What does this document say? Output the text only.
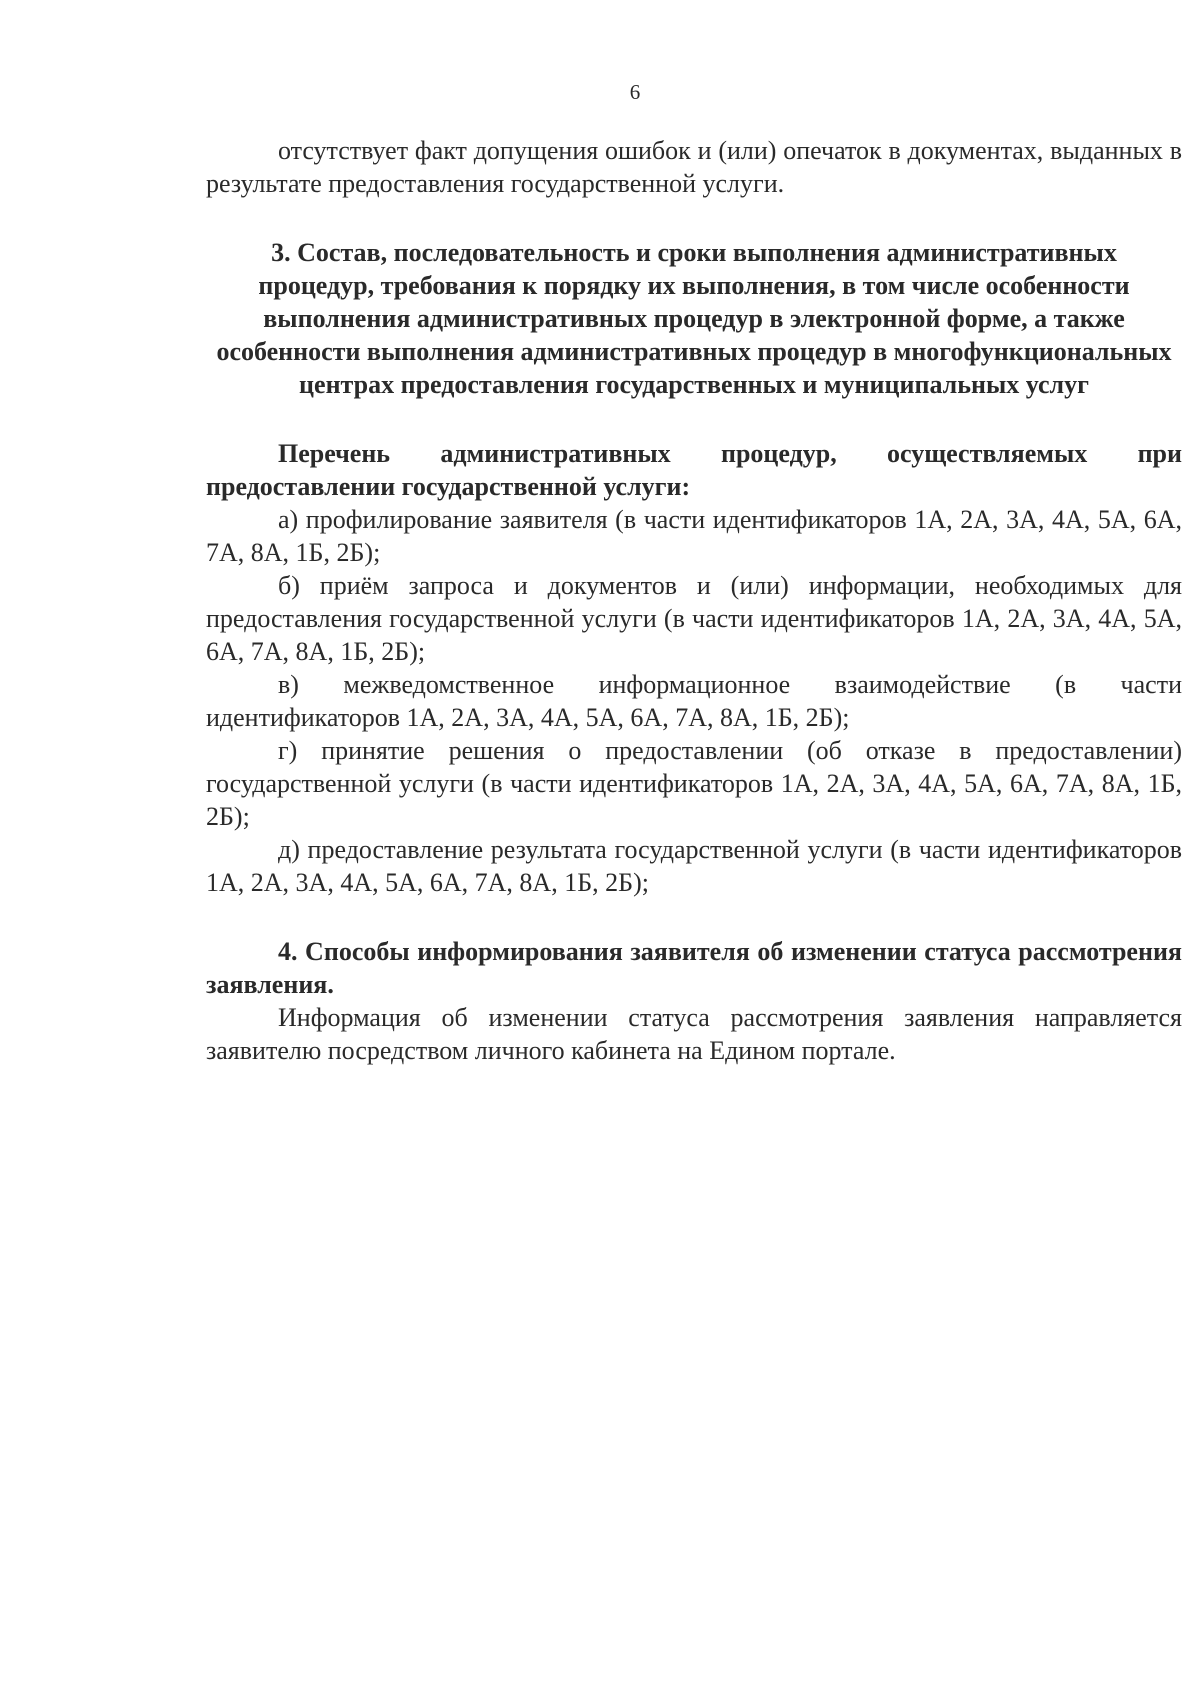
6

отсутствует факт допущения ошибок и (или) опечаток в документах, выданных в результате предоставления государственной услуги.

3. Состав, последовательность и сроки выполнения административных процедур, требования к порядку их выполнения, в том числе особенности выполнения административных процедур в электронной форме, а также особенности выполнения административных процедур в многофункциональных центрах предоставления государственных и муниципальных услуг

Перечень административных процедур, осуществляемых при предоставлении государственной услуги:

а) профилирование заявителя (в части идентификаторов 1А, 2А, 3А, 4А, 5А, 6А, 7А, 8А, 1Б, 2Б);

б) приём запроса и документов и (или) информации, необходимых для предоставления государственной услуги (в части идентификаторов 1А, 2А, 3А, 4А, 5А, 6А, 7А, 8А, 1Б, 2Б);

в) межведомственное информационное взаимодействие (в части идентификаторов 1А, 2А, 3А, 4А, 5А, 6А, 7А, 8А, 1Б, 2Б);

г) принятие решения о предоставлении (об отказе в предоставлении) государственной услуги (в части идентификаторов 1А, 2А, 3А, 4А, 5А, 6А, 7А, 8А, 1Б, 2Б);

д) предоставление результата государственной услуги (в части идентификаторов 1А, 2А, 3А, 4А, 5А, 6А, 7А, 8А, 1Б, 2Б);

4. Способы информирования заявителя об изменении статуса рассмотрения заявления.

Информация об изменении статуса рассмотрения заявления направляется заявителю посредством личного кабинета на Едином портале.
